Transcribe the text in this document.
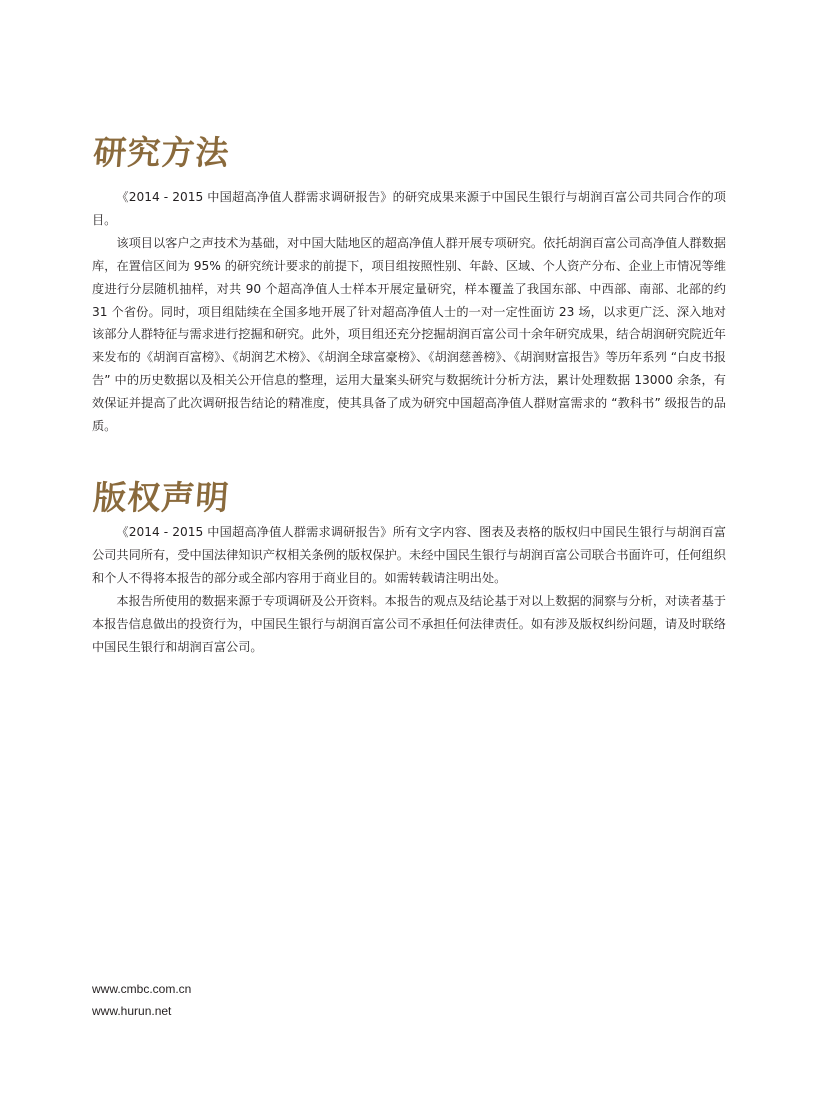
研究方法

《2014 - 2015 中国超高净值人群需求调研报告》的研究成果来源于中国民生银行与胡润百富公司共同合作的项目。

该项目以客户之声技术为基础，对中国大陆地区的超高净值人群开展专项研究。依托胡润百富公司高净值人群数据库，在置信区间为 95% 的研究统计要求的前提下，项目组按照性别、年龄、区域、个人资产分布、企业上市情况等维度进行分层随机抽样，对共 90 个超高净值人士样本开展定量研究，样本覆盖了我国东部、中西部、南部、北部的约 31 个省份。同时，项目组陆续在全国多地开展了针对超高净值人士的一对一定性面访 23 场，以求更广泛、深入地对该部分人群特征与需求进行挖掘和研究。此外，项目组还充分挖掘胡润百富公司十余年研究成果，结合胡润研究院近年来发布的《胡润百富榜》、《胡润艺术榜》、《胡润全球富豪榜》、《胡润慈善榜》、《胡润财富报告》等历年系列 “白皮书报告” 中的历史数据以及相关公开信息的整理，运用大量案头研究与数据统计分析方法，累计处理数据 13000 余条，有效保证并提高了此次调研报告结论的精准度，使其具备了成为研究中国超高净值人群财富需求的 “教科书” 级报告的品质。

版权声明

《2014 - 2015 中国超高净值人群需求调研报告》所有文字内容、图表及表格的版权归中国民生银行与胡润百富公司共同所有，受中国法律知识产权相关条例的版权保护。未经中国民生银行与胡润百富公司联合书面许可，任何组织和个人不得将本报告的部分或全部内容用于商业目的。如需转载请注明出处。

本报告所使用的数据来源于专项调研及公开资料。本报告的观点及结论基于对以上数据的洞察与分析，对读者基于本报告信息做出的投资行为，中国民生银行与胡润百富公司不承担任何法律责任。如有涉及版权纠纷问题，请及时联络中国民生银行和胡润百富公司。

www.cmbc.com.cn
www.hurun.net
